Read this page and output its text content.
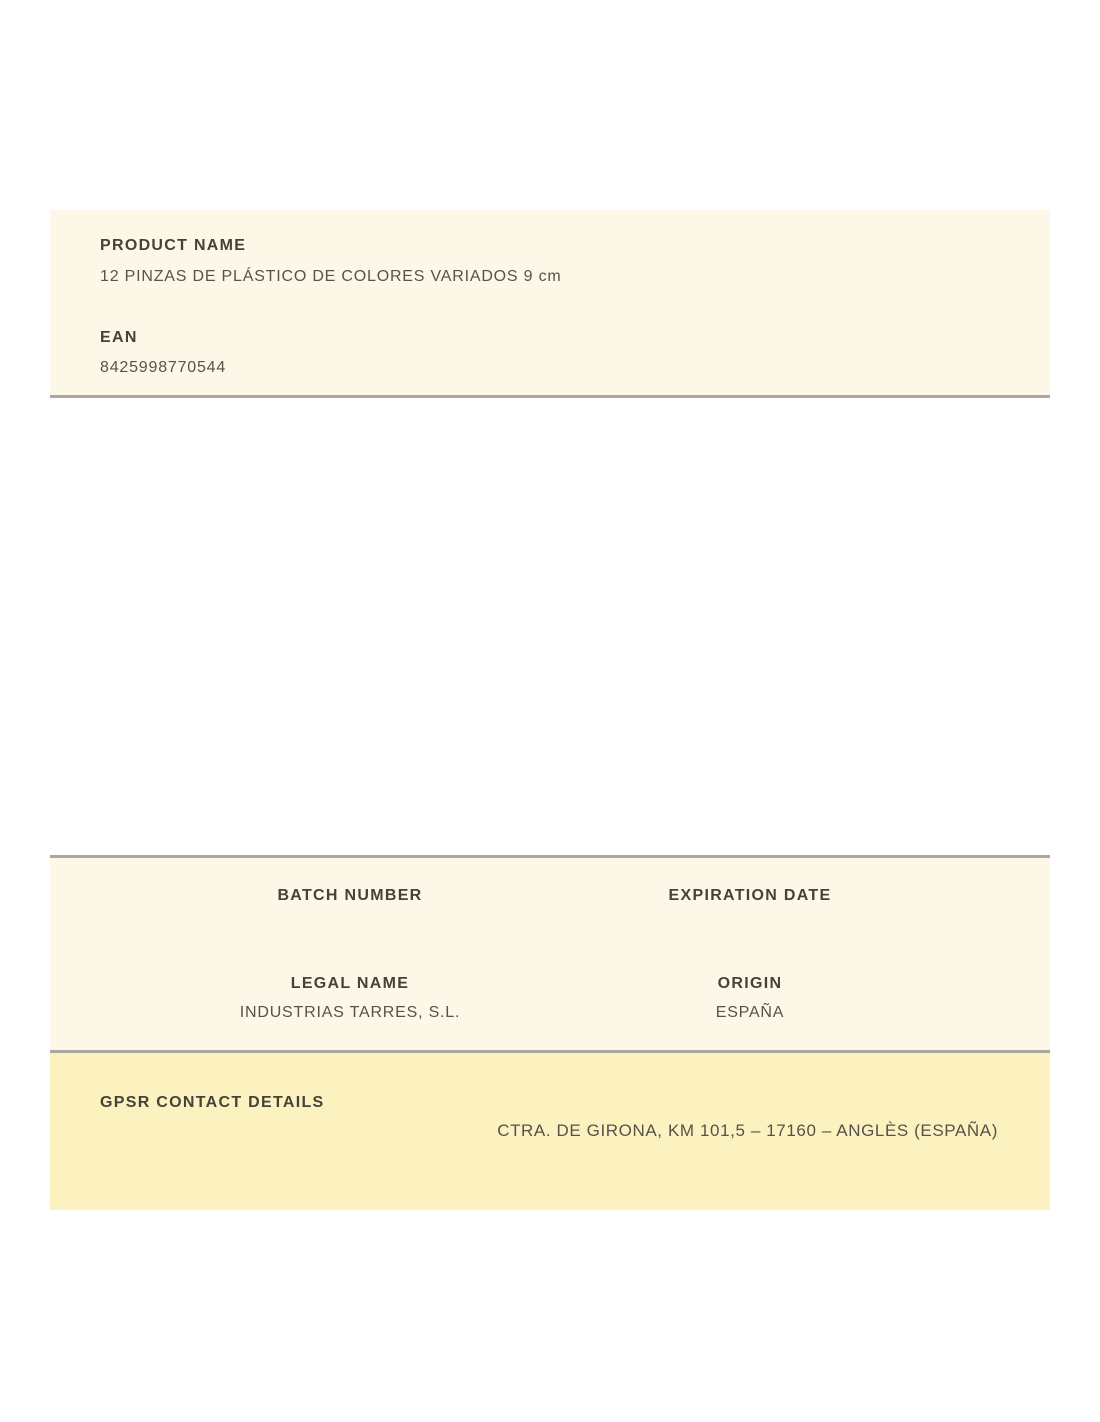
PRODUCT NAME
12 PINZAS DE PLÁSTICO DE COLORES VARIADOS 9 cm
EAN
8425998770544
BATCH NUMBER	EXPIRATION DATE
LEGAL NAME
INDUSTRIAS TARRES, S.L.
ORIGIN
ESPAÑA
GPSR CONTACT DETAILS
CTRA. DE GIRONA, KM 101,5 – 17160 – ANGLÈS (ESPAÑA)
